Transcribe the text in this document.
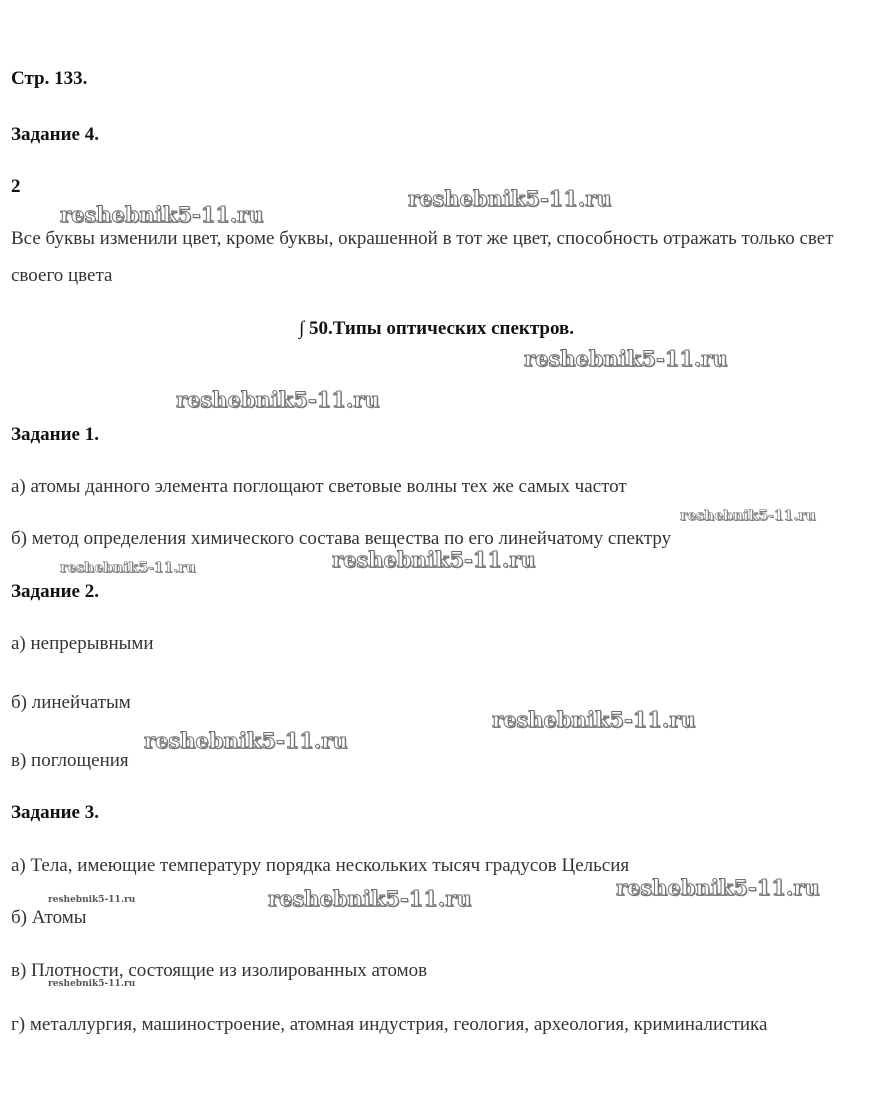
Стр. 133.
Задание 4.
2
Все буквы изменили цвет, кроме буквы, окрашенной в тот же цвет, способность отражать только свет своего цвета
∫ 50.Типы оптических спектров.
Задание 1.
а) атомы данного элемента поглощают световые волны тех же самых частот
б) метод определения химического состава вещества по его линейчатому спектру
Задание 2.
а) непрерывными
б) линейчатым
в) поглощения
Задание 3.
а) Тела, имеющие температуру порядка нескольких тысяч градусов Цельсия
б) Атомы
в) Плотности, состоящие из изолированных атомов
г) металлургия, машиностроение, атомная индустрия, геология, археология, криминалистика
reshebnik5-11.ru
reshebnik5-11.ru
reshebnik5-11.ru
reshebnik5-11.ru
reshebnik5-11.ru
reshebnik5-11.ru	reshebnik5-11.ru
reshebnik5-11.ru
reshebnik5-11.ru
reshebnik5-11.ru
reshebnik5-11.ru
reshebnik5-11.ru
reshebnik5-11.ru
